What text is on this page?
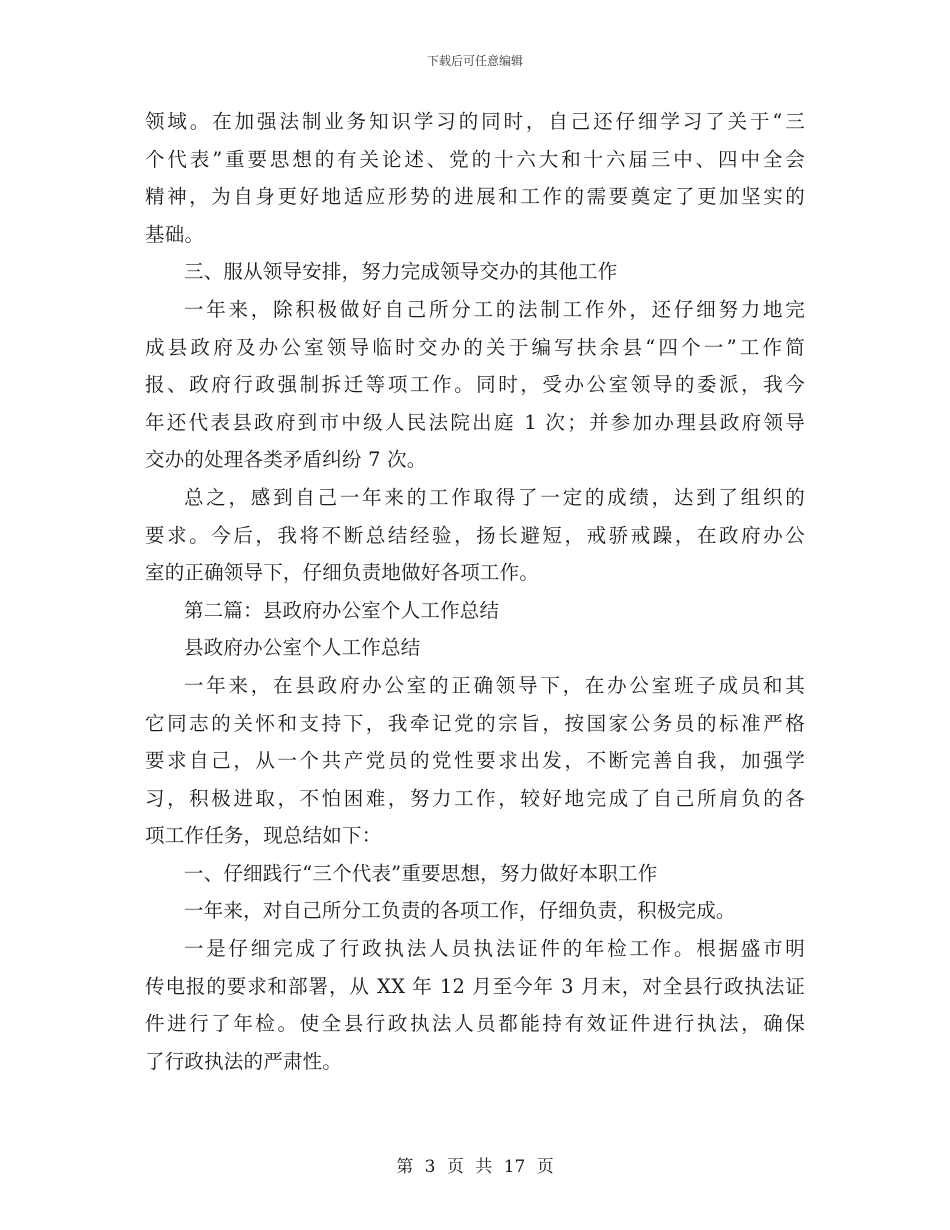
下载后可任意编辑
领域。在加强法制业务知识学习的同时，自己还仔细学习了关于“三
个代表”重要思想的有关论述、党的十六大和十六届三中、四中全会
精神，为自身更好地适应形势的进展和工作的需要奠定了更加坚实的
基础。
三、服从领导安排，努力完成领导交办的其他工作
一年来，除积极做好自己所分工的法制工作外，还仔细努力地完
成县政府及办公室领导临时交办的关于编写扶余县“四个一”工作简
报、政府行政强制拆迁等项工作。同时，受办公室领导的委派，我今
年还代表县政府到市中级人民法院出庭 1 次；并参加办理县政府领导
交办的处理各类矛盾纠纷 7 次。
总之，感到自己一年来的工作取得了一定的成绩，达到了组织的
要求。今后，我将不断总结经验，扬长避短，戒骄戒躁，在政府办公
室的正确领导下，仔细负责地做好各项工作。
第二篇：县政府办公室个人工作总结
县政府办公室个人工作总结
一年来，在县政府办公室的正确领导下，在办公室班子成员和其
它同志的关怀和支持下，我牵记党的宗旨，按国家公务员的标准严格
要求自己，从一个共产党员的党性要求出发，不断完善自我，加强学
习，积极进取，不怕困难，努力工作，较好地完成了自己所肩负的各
项工作任务，现总结如下：
一、仔细践行“三个代表”重要思想，努力做好本职工作
一年来，对自己所分工负责的各项工作，仔细负责，积极完成。
一是仔细完成了行政执法人员执法证件的年检工作。根据盛市明
传电报的要求和部署，从 XX 年 12 月至今年 3 月末，对全县行政执法证
件进行了年检。使全县行政执法人员都能持有效证件进行执法，确保
了行政执法的严肃性。
第 3 页 共 17 页
